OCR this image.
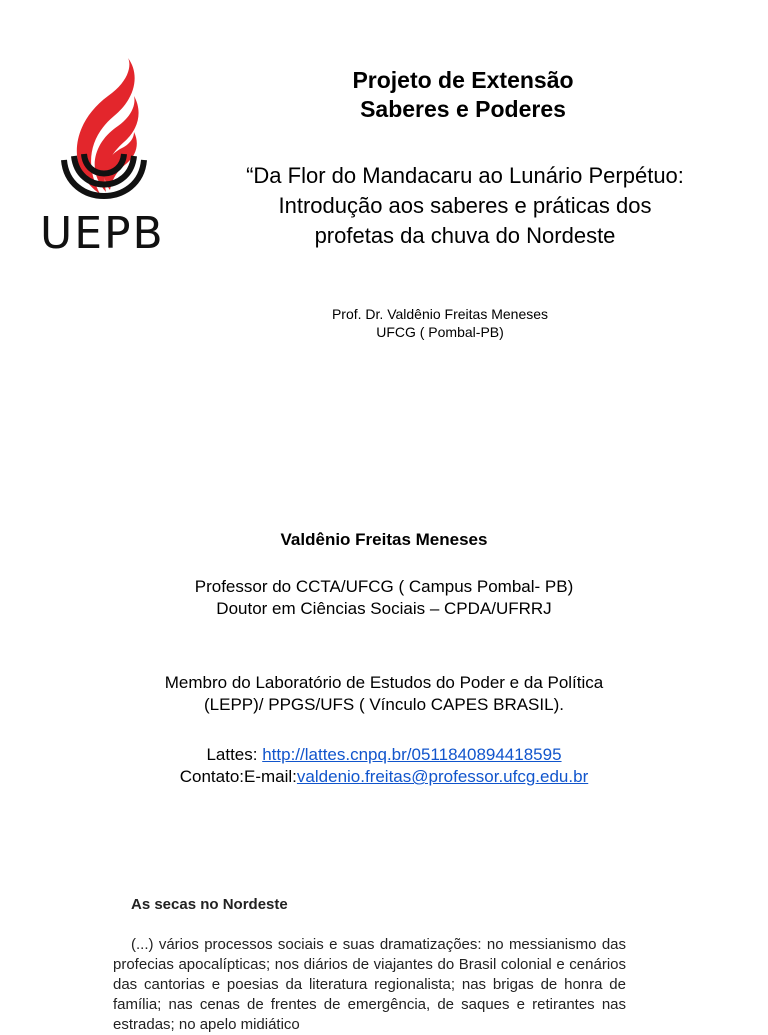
UEPB
Projeto de Extensão
Saberes e Poderes
“Da Flor do Mandacaru ao Lunário Perpétuo:
Introdução aos saberes e práticas dos
profetas da chuva do Nordeste
Prof. Dr. Valdênio Freitas Meneses
UFCG ( Pombal-PB)
Valdênio Freitas Meneses
Professor do CCTA/UFCG ( Campus Pombal- PB)
Doutor em Ciências Sociais – CPDA/UFRRJ
Membro do Laboratório de Estudos do Poder e da Política
(LEPP)/ PPGS/UFS ( Vínculo CAPES BRASIL).
Lattes: http://lattes.cnpq.br/0511840894418595
Contato:E-mail:valdenio.freitas@professor.ufcg.edu.br
As secas no Nordeste
(...) vários processos sociais e suas dramatizações: no messianismo das profecias apocalípticas; nos diários de viajantes do Brasil colonial e cenários das cantorias e poesias da literatura regionalista; nas brigas de honra de família; nas cenas de frentes de emergência, de saques e retirantes nas estradas; no apelo midiático
